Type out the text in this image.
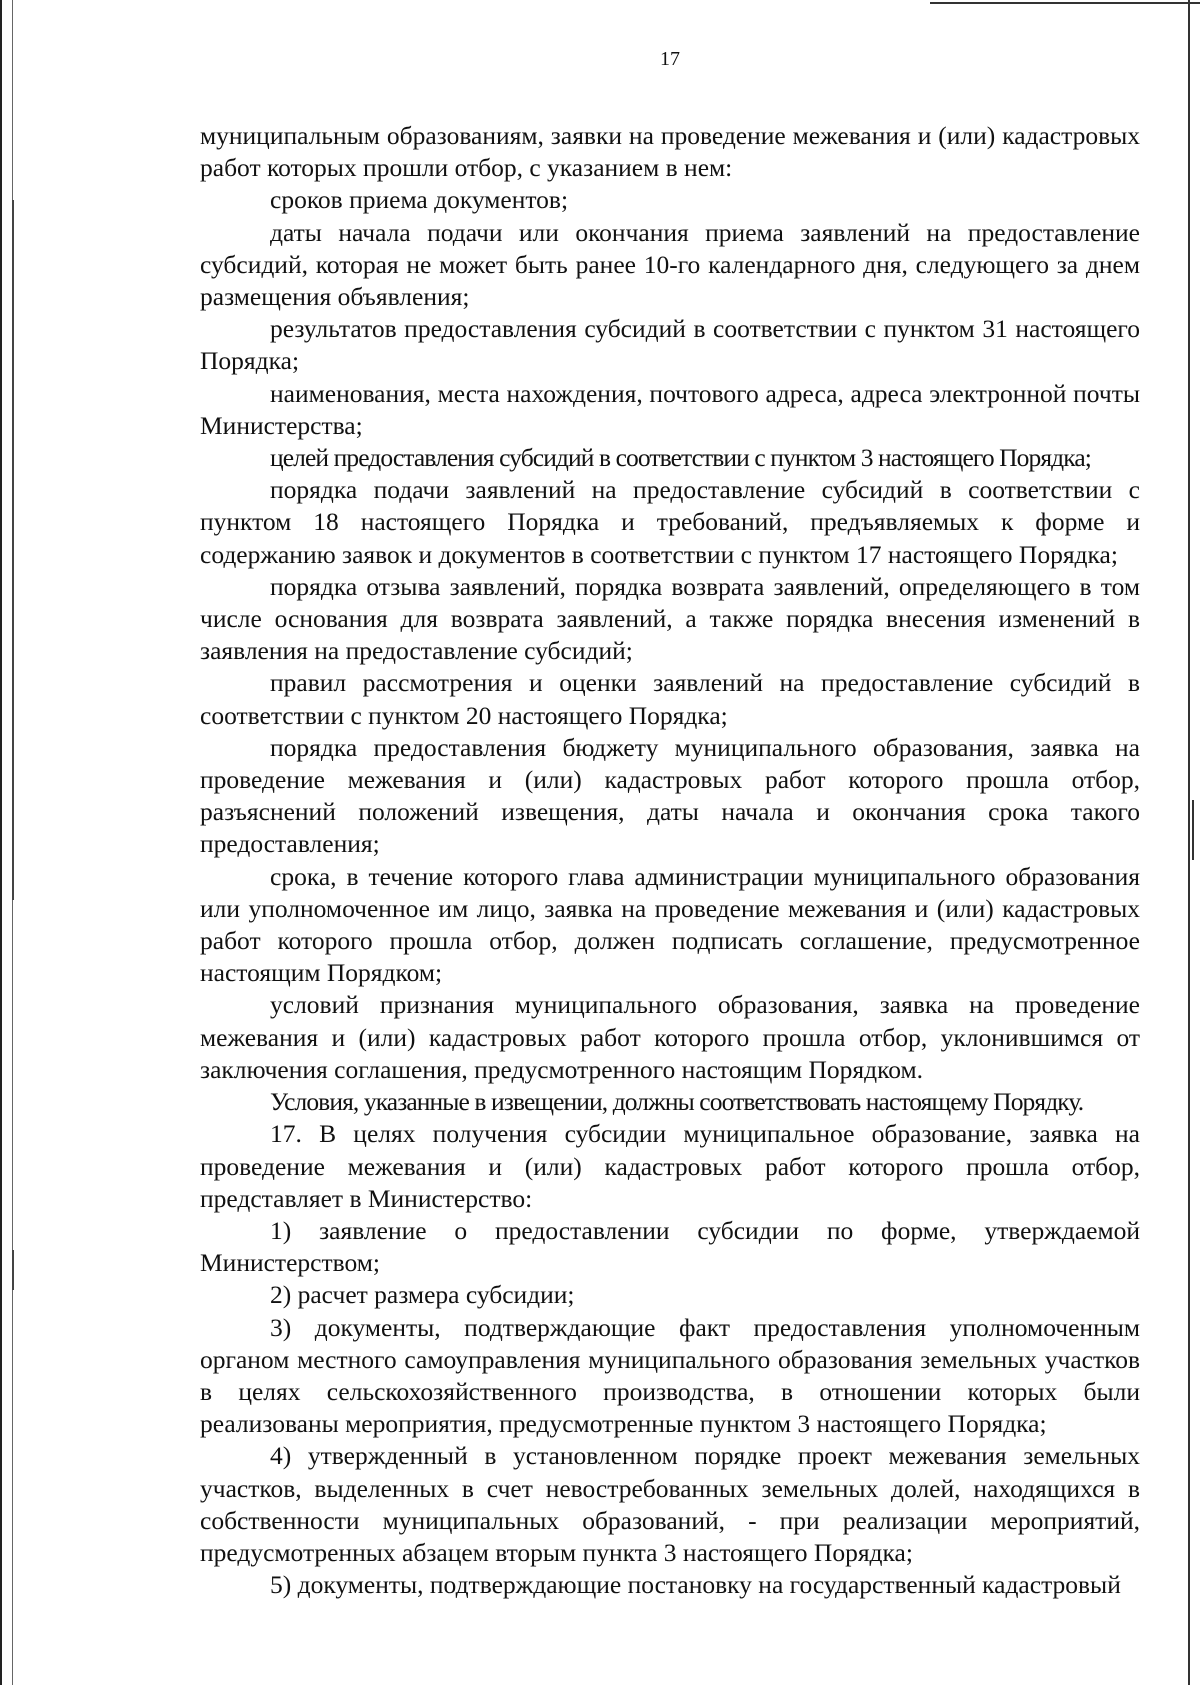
17

муниципальным образованиям, заявки на проведение межевания и (или) кадастровых работ которых прошли отбор, с указанием в нем:

сроков приема документов;

даты начала подачи или окончания приема заявлений на предоставление субсидий, которая не может быть ранее 10-го календарного дня, следующего за днем размещения объявления;

результатов предоставления субсидий в соответствии с пунктом 31 настоящего Порядка;

наименования, места нахождения, почтового адреса, адреса электронной почты Министерства;

целей предоставления субсидий в соответствии с пунктом 3 настоящего Порядка;

порядка подачи заявлений на предоставление субсидий в соответствии с пунктом 18 настоящего Порядка и требований, предъявляемых к форме и содержанию заявок и документов в соответствии с пунктом 17 настоящего Порядка;

порядка отзыва заявлений, порядка возврата заявлений, определяющего в том числе основания для возврата заявлений, а также порядка внесения изменений в заявления на предоставление субсидий;

правил рассмотрения и оценки заявлений на предоставление субсидий в соответствии с пунктом 20 настоящего Порядка;

порядка предоставления бюджету муниципального образования, заявка на проведение межевания и (или) кадастровых работ которого прошла отбор, разъяснений положений извещения, даты начала и окончания срока такого предоставления;

срока, в течение которого глава администрации муниципального образования или уполномоченное им лицо, заявка на проведение межевания и (или) кадастровых работ которого прошла отбор, должен подписать соглашение, предусмотренное настоящим Порядком;

условий признания муниципального образования, заявка на проведение межевания и (или) кадастровых работ которого прошла отбор, уклонившимся от заключения соглашения, предусмотренного настоящим Порядком.

Условия, указанные в извещении, должны соответствовать настоящему Порядку.

17. В целях получения субсидии муниципальное образование, заявка на проведение межевания и (или) кадастровых работ которого прошла отбор, представляет в Министерство:

1) заявление о предоставлении субсидии по форме, утверждаемой Министерством;

2) расчет размера субсидии;

3) документы, подтверждающие факт предоставления уполномоченным органом местного самоуправления муниципального образования земельных участков в целях сельскохозяйственного производства, в отношении которых были реализованы мероприятия, предусмотренные пунктом 3 настоящего Порядка;

4) утвержденный в установленном порядке проект межевания земельных участков, выделенных в счет невостребованных земельных долей, находящихся в собственности муниципальных образований, - при реализации мероприятий, предусмотренных абзацем вторым пункта 3 настоящего Порядка;

5) документы, подтверждающие постановку на государственный кадастровый
